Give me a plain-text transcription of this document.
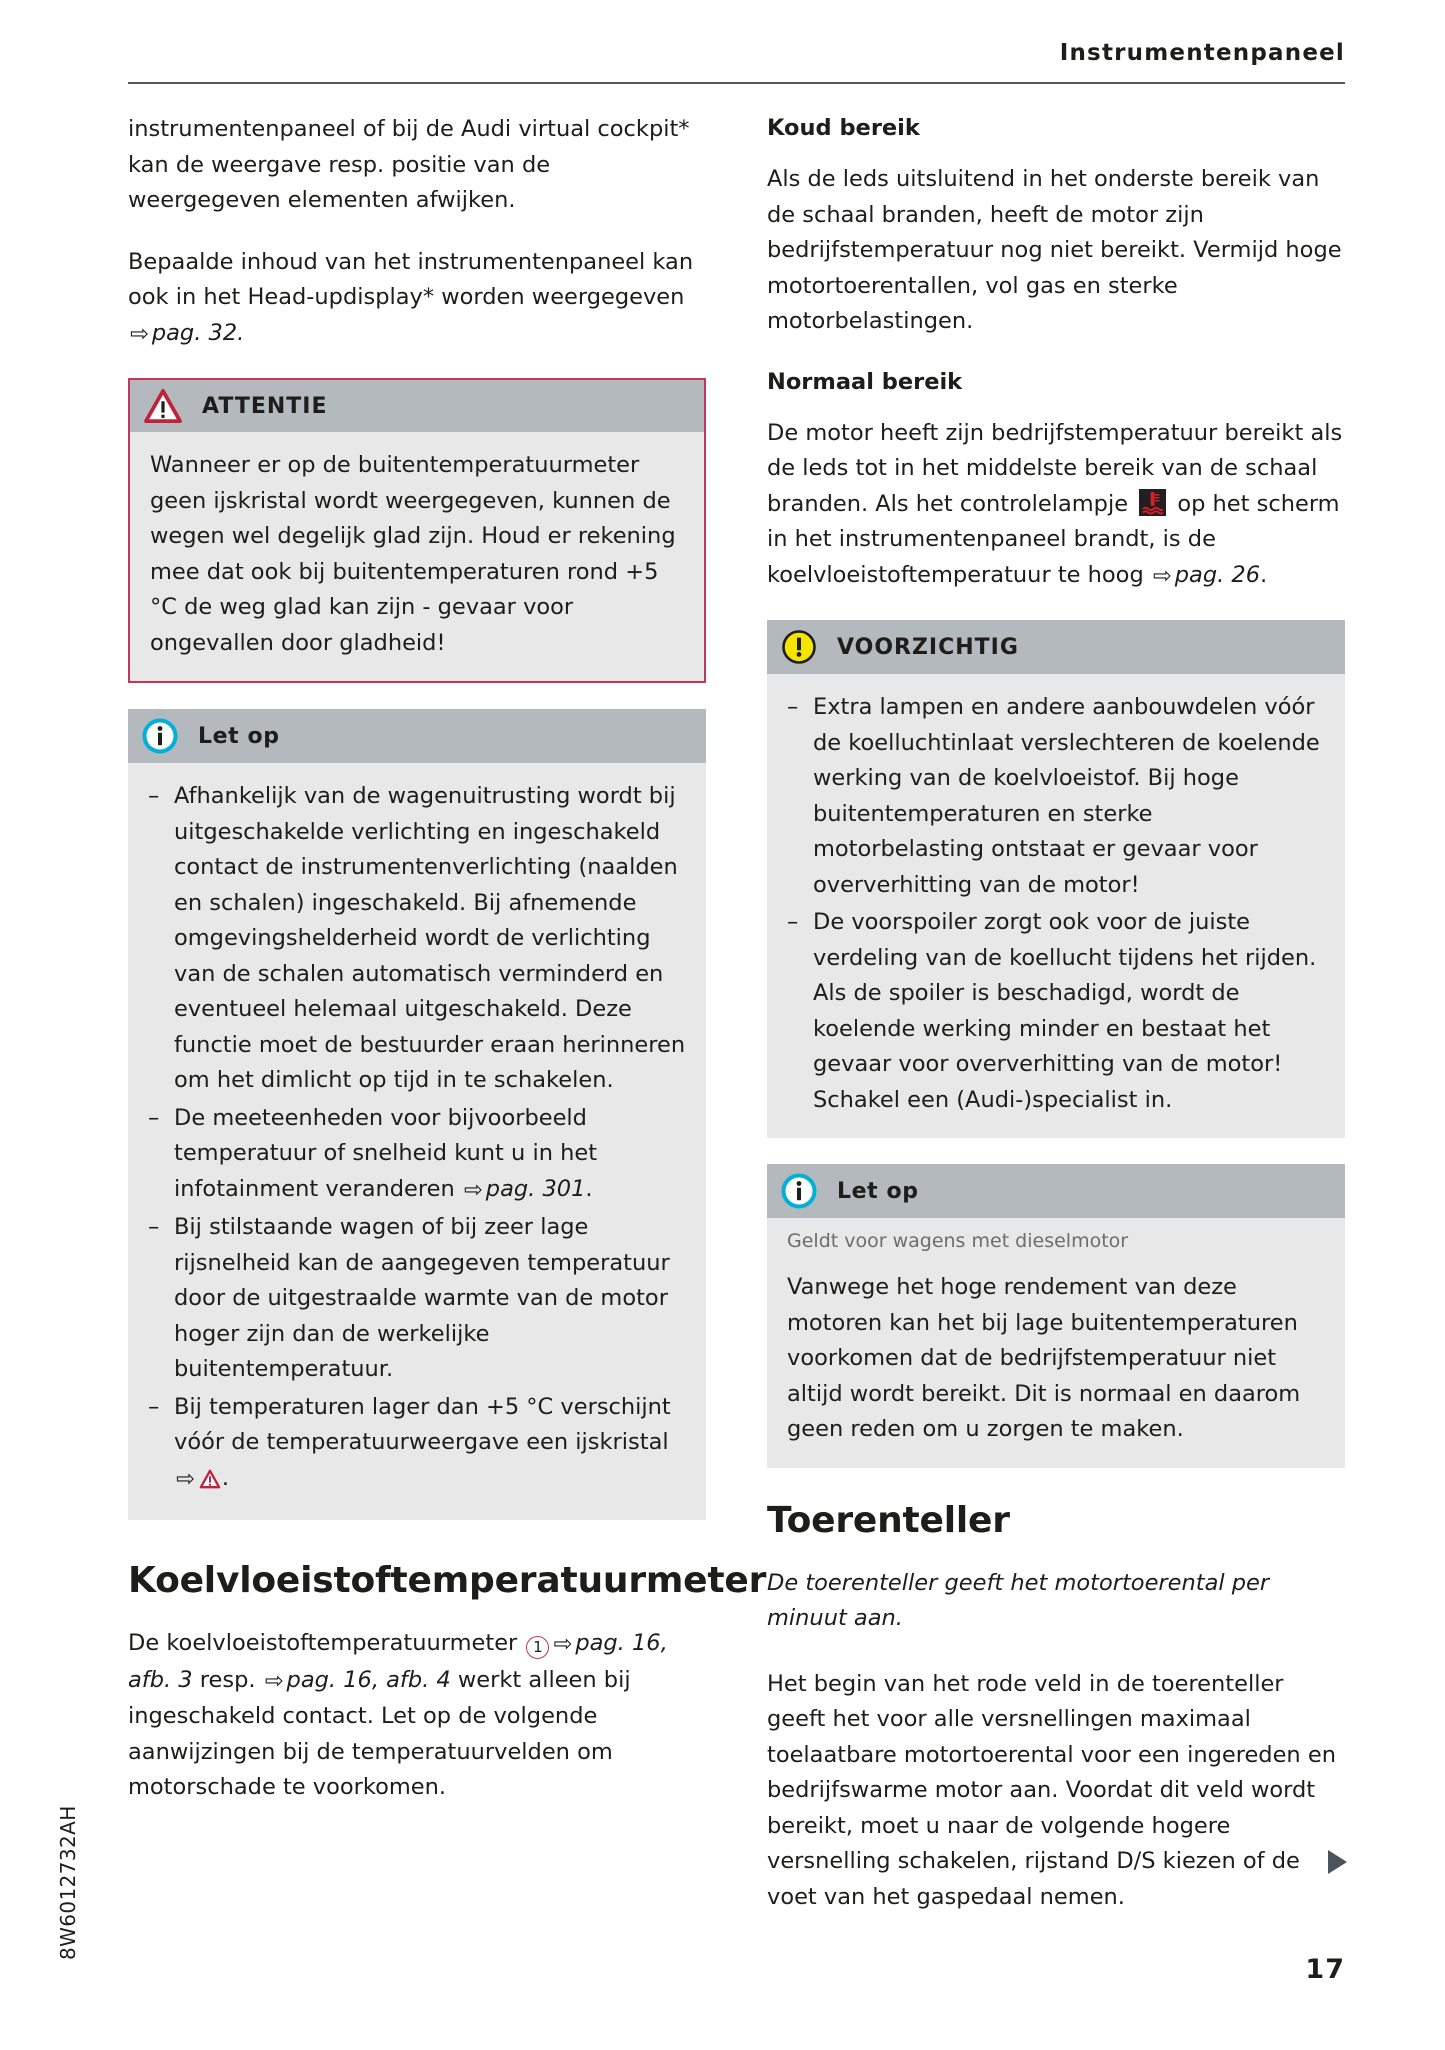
Instrumentenpaneel

instrumentenpaneel of bij de Audi virtual cockpit* kan de weergave resp. positie van de weergegeven elementen afwijken.

Bepaalde inhoud van het instrumentenpaneel kan ook in het Head-updisplay* worden weergegeven ⇨ pag. 32.

ATTENTIE

Wanneer er op de buitentemperatuurmeter geen ijskristal wordt weergegeven, kunnen de wegen wel degelijk glad zijn. Houd er rekening mee dat ook bij buitentemperaturen rond +5 °C de weg glad kan zijn - gevaar voor ongevallen door gladheid!

Let op
– Afhankelijk van de wagenuitrusting wordt bij uitgeschakelde verlichting en ingeschakeld contact de instrumentenverlichting (naalden en schalen) ingeschakeld. Bij afnemende omgevingshelderheid wordt de verlichting van de schalen automatisch verminderd en eventueel helemaal uitgeschakeld. Deze functie moet de bestuurder eraan herinneren om het dimlicht op tijd in te schakelen.
– De meeteenheden voor bijvoorbeeld temperatuur of snelheid kunt u in het infotainment veranderen ⇨ pag. 301.
– Bij stilstaande wagen of bij zeer lage rijsnelheid kan de aangegeven temperatuur door de uitgestraalde warmte van de motor hoger zijn dan de werkelijke buitentemperatuur.
– Bij temperaturen lager dan +5 °C verschijnt vóór de temperatuurweergave een ijskristal ⇨ .
Koelvloeistoftemperatuurmeter

De koelvloeistoftemperatuurmeter 1 ⇨ pag. 16, afb. 3 resp. ⇨ pag. 16, afb. 4 werkt alleen bij ingeschakeld contact. Let op de volgende aanwijzingen bij de temperatuurvelden om motorschade te voorkomen.

Koud bereik

Als de leds uitsluitend in het onderste bereik van de schaal branden, heeft de motor zijn bedrijfstemperatuur nog niet bereikt. Vermijd hoge motortoerentallen, vol gas en sterke motorbelastingen.

Normaal bereik

De motor heeft zijn bedrijfstemperatuur bereikt als de leds tot in het middelste bereik van de schaal branden. Als het controlelampje  op het scherm in het instrumentenpaneel brandt, is de koelvloeistoftemperatuur te hoog ⇨ pag. 26.

VOORZICHTIG
– Extra lampen en andere aanbouwdelen vóór de koelluchtinlaat verslechteren de koelende werking van de koelvloeistof. Bij hoge buitentemperaturen en sterke motorbelasting ontstaat er gevaar voor oververhitting van de motor!
– De voorspoiler zorgt ook voor de juiste verdeling van de koellucht tijdens het rijden. Als de spoiler is beschadigd, wordt de koelende werking minder en bestaat het gevaar voor oververhitting van de motor! Schakel een (Audi-)specialist in.
Let op
Geldt voor wagens met dieselmotor

Vanwege het hoge rendement van deze motoren kan het bij lage buitentemperaturen voorkomen dat de bedrijfstemperatuur niet altijd wordt bereikt. Dit is normaal en daarom geen reden om u zorgen te maken.

Toerenteller

De toerenteller geeft het motortoerental per minuut aan.

Het begin van het rode veld in de toerenteller geeft het voor alle versnellingen maximaal toelaatbare motortoerental voor een ingereden en bedrijfswarme motor aan. Voordat dit veld wordt bereikt, moet u naar de volgende hogere versnelling schakelen, rijstand D/S kiezen of de voet van het gaspedaal nemen.

8W6012732AH
17
